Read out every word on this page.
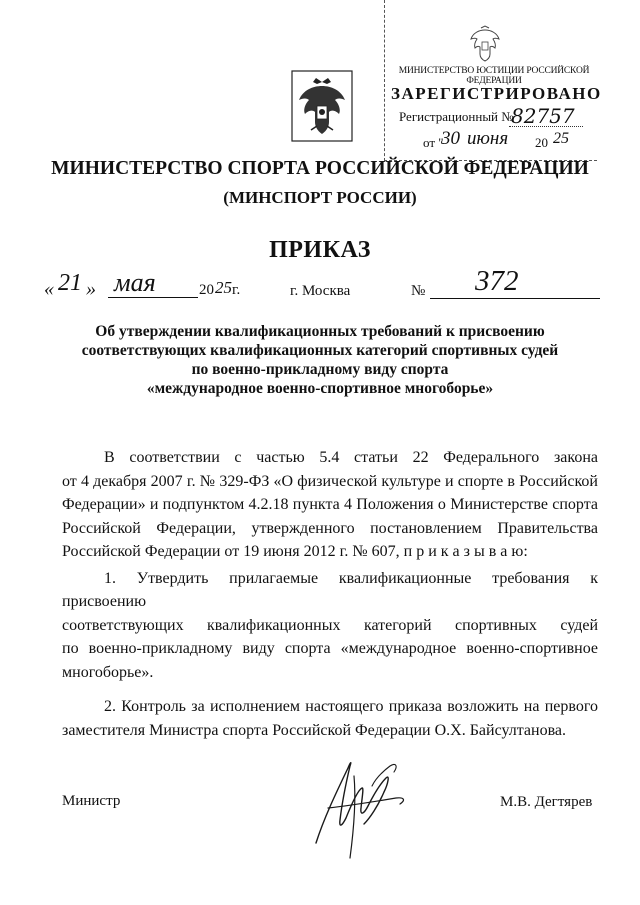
МИНИСТЕРСТВО ЮСТИЦИИ РОССИЙСКОЙ ФЕДЕРАЦИИ
ЗАРЕГИСТРИРОВАНО
Регистрационный №
82757
от "
30 июня 20 25
МИНИСТЕРСТВО СПОРТА РОССИЙСКОЙ ФЕДЕРАЦИИ
(МИНСПОРТ РОССИИ)
ПРИКАЗ
« 21 » мая	20 25 г.	г. Москва	№ 372
Об утверждении квалификационных требований к присвоению
соответствующих квалификационных категорий спортивных судей
по военно-прикладному виду спорта
«международное военно-спортивное многоборье»

В соответствии с частью 5.4 статьи 22 Федерального закона
от 4 декабря 2007 г. № 329-ФЗ «О физической культуре и спорте в Российской
Федерации» и подпунктом 4.2.18 пункта 4 Положения о Министерстве спорта
Российской Федерации, утвержденного постановлением Правительства
Российской Федерации от 19 июня 2012 г. № 607, п р и к а з ы в а ю:

1. Утвердить прилагаемые квалификационные требования к присвоению
соответствующих квалификационных категорий спортивных судей
по военно-прикладному виду спорта «международное военно-спортивное
многоборье».

2. Контроль за исполнением настоящего приказа возложить на первого
заместителя Министра спорта Российской Федерации О.Х. Байсултанова.

Министр	М.В. Дегтярев
